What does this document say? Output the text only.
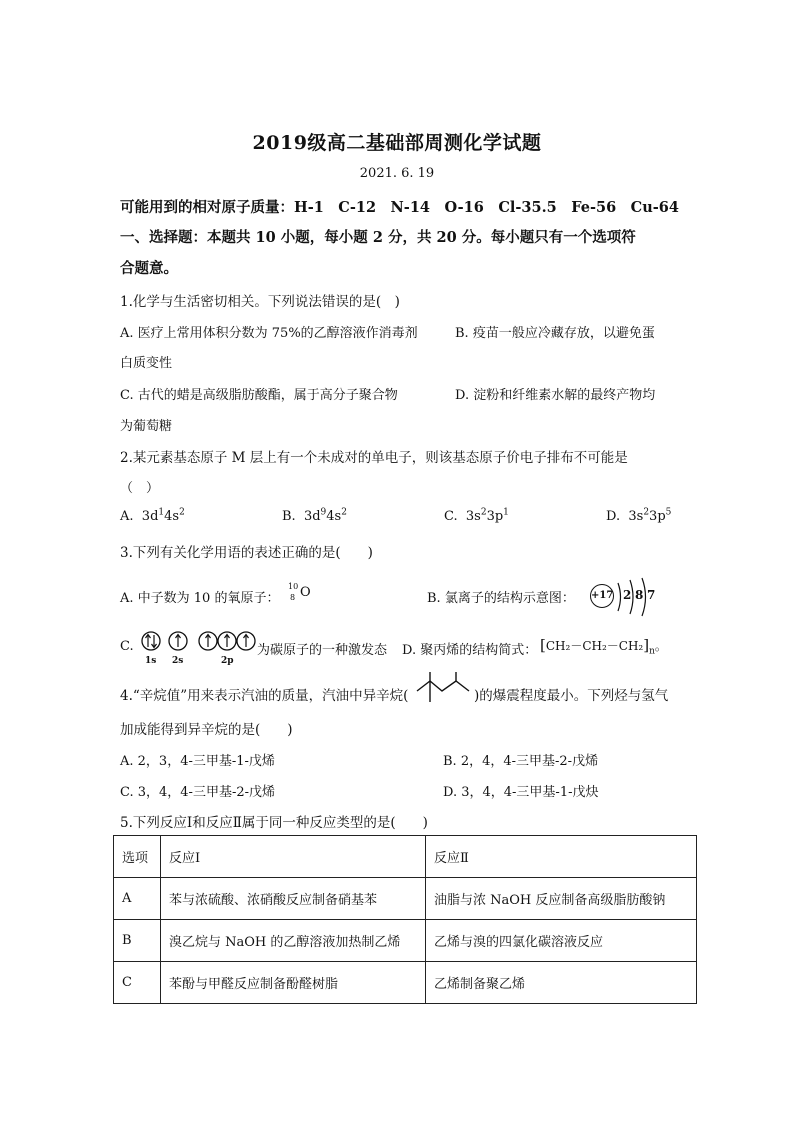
2019级高二基础部周测化学试题
2021. 6. 19
可能用到的相对原子质量：H-1　C-12　N-14　O-16　Cl-35.5　Fe-56　Cu-64
一、选择题：本题共 10 小题，每小题 2 分，共 20 分。每小题只有一个选项符
合题意。
1.化学与生活密切相关。下列说法错误的是(　)
A. 医疗上常用体积分数为 75%的乙醇溶液作消毒剂	B. 疫苗一般应冷藏存放，以避免蛋
白质变性
C. 古代的蜡是高级脂肪酸酯，属于高分子聚合物	D. 淀粉和纤维素水解的最终产物均
为葡萄糖
2.某元素基态原子 M 层上有一个未成对的单电子，则该基态原子价电子排布不可能是
（　）
A. $3d^14s^2$	B. $3d^94s^2$	C. $3s^23p^1$	D. $3s^23p^5$
3.下列有关化学用语的表述正确的是(　　)
A. 中子数为 10 的氧原子：
10
8 O	B. 氯离子的结构示意图： +17 2 8 7
C.
1s 2s	2p
为碳原子的一种激发态 D. 聚丙烯的结构简式： $[CH_2-CH_2-CH_2]_n$。
4.“辛烷值”用来表示汽油的质量，汽油中异辛烷(	)的爆震程度最小。下列烃与氢气
加成能得到异辛烷的是(　　)
A. 2，3，4-三甲基-1-戊烯	B. 2，4，4-三甲基-2-戊烯
C. 3，4，4-三甲基-2-戊烯	D. 3，4，4-三甲基-1-戊炔
5.下列反应Ⅰ和反应Ⅱ属于同一种反应类型的是(　　)
选项	反应Ⅰ	反应Ⅱ
A	苯与浓硫酸、浓硝酸反应制备硝基苯	油脂与浓 NaOH 反应制备高级脂肪酸钠
B	溴乙烷与 NaOH 的乙醇溶液加热制乙烯	乙烯与溴的四氯化碳溶液反应
C	苯酚与甲醛反应制备酚醛树脂	乙烯制备聚乙烯
